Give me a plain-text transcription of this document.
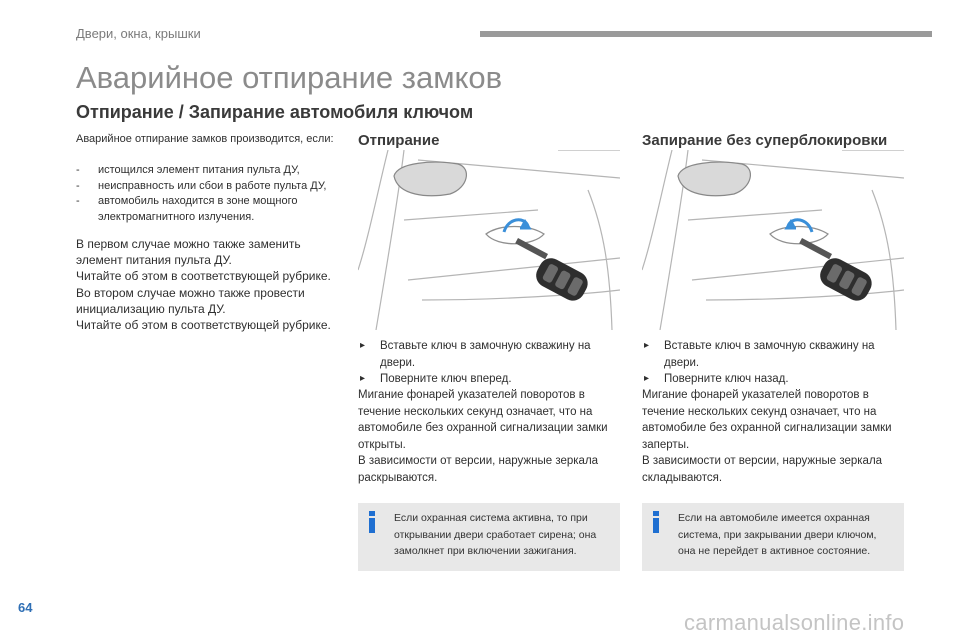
Двери, окна, крышки
Аварийное отпирание замков
Отпирание / Запирание автомобиля ключом
Аварийное отпирание замков производится, если:
- истощился элемент питания пульта ДУ,
- неисправность или сбои в работе пульта ДУ,
- автомобиль находится в зоне мощного электромагнитного излучения.
В первом случае можно также заменить элемент питания пульта ДУ.
Читайте об этом в соответствующей рубрике.
Во втором случае можно также провести инициализацию пульта ДУ.
Читайте об этом в соответствующей рубрике.
Отпирание
▸ Вставьте ключ в замочную скважину на двери.
▸ Поверните ключ вперед.
Мигание фонарей указателей поворотов в течение нескольких секунд означает, что на автомобиле без охранной сигнализации замки открыты.
В зависимости от версии, наружные зеркала раскрываются.
Если охранная система активна, то при открывании двери сработает сирена; она замолкнет при включении зажигания.
Запирание без суперблокировки
▸ Вставьте ключ в замочную скважину на двери.
▸ Поверните ключ назад.
Мигание фонарей указателей поворотов в течение нескольких секунд означает, что на автомобиле без охранной сигнализации замки заперты.
В зависимости от версии, наружные зеркала складываются.
Если на автомобиле имеется охранная система, при закрывании двери ключом, она не перейдет в активное состояние.
64
carmanualsonline.info
